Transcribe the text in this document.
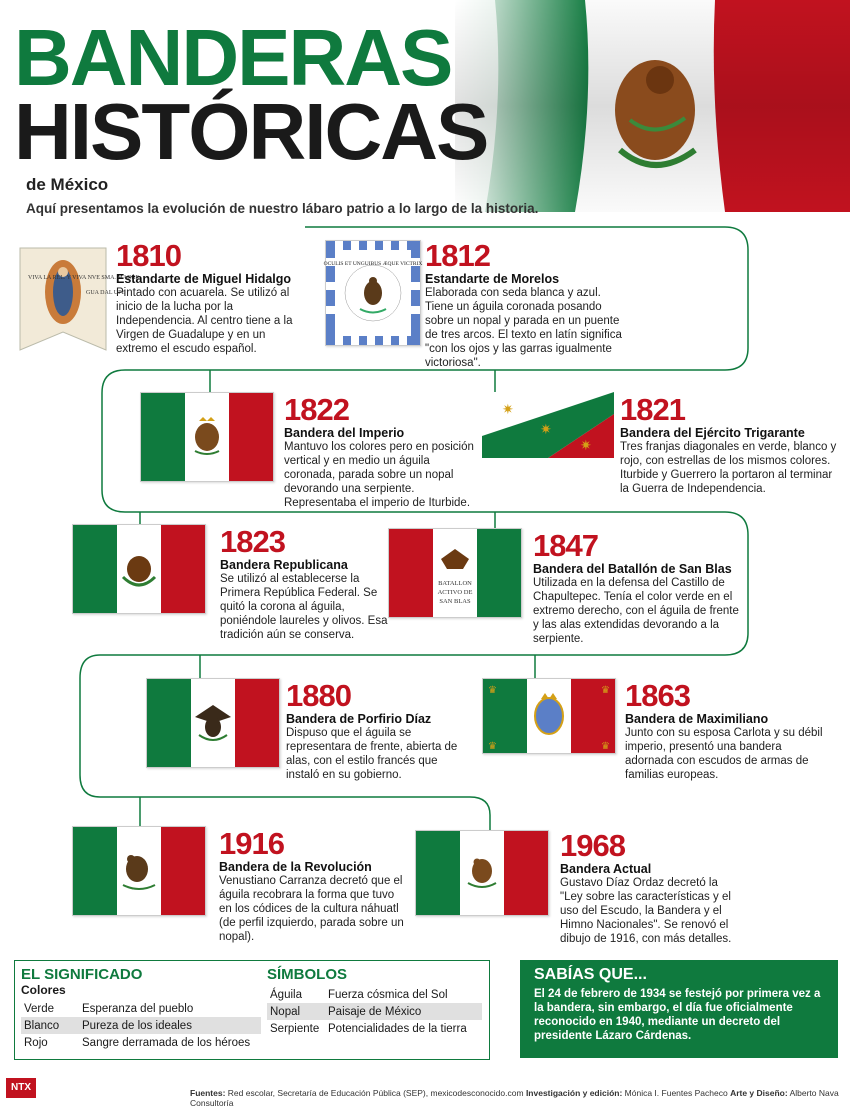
BANDERAS
HISTÓRICAS
de México
Aquí presentamos la evolución de nuestro lábaro patrio a lo largo de la historia.
VIVA LA REL. Y VIVA NVE SMA. MADRE
GUA DAL UPE
1810
Estandarte de Miguel Hidalgo
Pintado con acuarela. Se utilizó al inicio de la lucha por la Independencia. Al centro tiene a la Virgen de Guadalupe y en un extremo el escudo español.
OCULIS ET UNGUIBUS ÆQUE VICTRIX 1812
Estandarte de Morelos
Elaborada con seda blanca y azul. Tiene un águila coronada posando sobre un nopal y parada en un puente de tres arcos. El texto en latín significa "con los ojos y las garras igualmente victoriosa".
1822
Bandera del Imperio
Mantuvo los colores pero en posición vertical y en medio un águila coronada, parada sobre un nopal devorando una serpiente. Representaba el imperio de Iturbide.
✷
✷
✷
1821
Bandera del Ejército Trigarante
Tres franjas diagonales en verde, blanco y rojo, con estrellas de los mismos colores. Iturbide y Guerrero la portaron al terminar la Guerra de Independencia.
1823
Bandera Republicana
Se utilizó al establecerse la Primera República Federal. Se quitó la corona al águila, poniéndole laureles y olivos. Esa tradición aún se conserva.
BATALLON
ACTIVO DE
SAN BLAS
1847
Bandera del Batallón de San Blas
Utilizada en la defensa del Castillo de Chapultepec. Tenía el color verde en el extremo derecho, con el águila de frente y las alas extendidas devorando a la serpiente.
1880
Bandera de Porfirio Díaz
Dispuso que el águila se representara de frente, abierta de alas, con el estilo francés que instaló en su gobierno.
♛	♛
♛	♛
1863
Bandera de Maximiliano
Junto con su esposa Carlota y su débil imperio, presentó una bandera adornada con escudos de armas de familias europeas.
1916
Bandera de la Revolución
Venustiano Carranza decretó que el águila recobrara la forma que tuvo en los códices de la cultura náhuatl (de perfil izquierdo, parada sobre un nopal).
1968
Bandera Actual
Gustavo Díaz Ordaz decretó la "Ley sobre las características y el uso del Escudo, la Bandera y el Himno Nacionales". Se renovó el dibujo de 1916, con más detalles.
EL SIGNIFICADO
Colores
Verde	Esperanza del pueblo
Blanco	Pureza de los ideales
Rojo	Sangre derramada de los héroes
SÍMBOLOS
Águila	Fuerza cósmica del Sol
Nopal	Paisaje de México
Serpiente Potencialidades de la tierra
SABÍAS QUE...

El 24 de febrero de 1934 se festejó por primera vez a la bandera, sin embargo, el día fue oficialmente reconocido en 1940, mediante un decreto del presidente Lázaro Cárdenas.

NTX	Fuentes: Red escolar, Secretaría de Educación Pública (SEP), mexicodesconocido.com Investigación y edición: Mónica I. Fuentes Pacheco Arte y Diseño: Alberto Nava Consultoría
